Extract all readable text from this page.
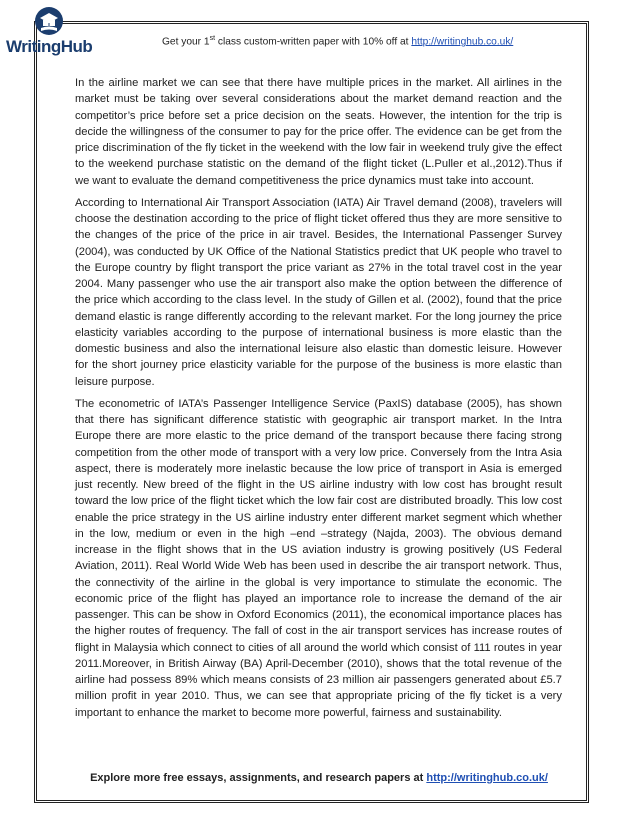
WritingHub	Get your 1st class custom-written paper with 10% off at http://writinghub.co.uk/

In the airline market we can see that there have multiple prices in the market. All airlines in the market must be taking over several considerations about the market demand reaction and the competitor’s price before set a price decision on the seats. However, the intention for the trip is decide the willingness of the consumer to pay for the price offer. The evidence can be get from the price discrimination of the fly ticket in the weekend with the low fair in weekend truly give the effect to the weekend purchase statistic on the demand of the flight ticket (L.Puller et al.,2012).Thus if we want to evaluate the demand competitiveness the price dynamics must take into account.

According to International Air Transport Association (IATA) Air Travel demand (2008), travelers will choose the destination according to the price of flight ticket offered thus they are more sensitive to the changes of the price of the price in air travel. Besides, the International Passenger Survey (2004), was conducted by UK Office of the National Statistics predict that UK people who travel to the Europe country by flight transport the price variant as 27% in the total travel cost in the year 2004. Many passenger who use the air transport also make the option between the difference of the price which according to the class level. In the study of Gillen et al. (2002), found that the price demand elastic is range differently according to the relevant market. For the long journey the price elasticity variables according to the purpose of international business is more elastic than the domestic business and also the international leisure also elastic than domestic leisure. However for the short journey price elasticity variable for the purpose of the business is more elastic than leisure purpose.

The econometric of IATA’s Passenger Intelligence Service (PaxIS) database (2005), has shown that there has significant difference statistic with geographic air transport market. In the Intra Europe there are more elastic to the price demand of the transport because there facing strong competition from the other mode of transport with a very low price. Conversely from the Intra Asia aspect, there is moderately more inelastic because the low price of transport in Asia is emerged just recently. New breed of the flight in the US airline industry with low cost has brought result toward the low price of the flight ticket which the low fair cost are distributed broadly. This low cost enable the price strategy in the US airline industry enter different market segment which whether in the low, medium or even in the high –end –strategy (Najda, 2003). The obvious demand increase in the flight shows that in the US aviation industry is growing positively (US Federal Aviation, 2011). Real World Wide Web has been used in describe the air transport network. Thus, the connectivity of the airline in the global is very importance to stimulate the economic. The economic price of the flight has played an importance role to increase the demand of the air passenger. This can be show in Oxford Economics (2011), the economical importance places has the higher routes of frequency. The fall of cost in the air transport services has increase routes of flight in Malaysia which connect to cities of all around the world which consist of 111 routes in year 2011.Moreover, in British Airway (BA) April-December (2010), shows that the total revenue of the airline had possess 89% which means consists of 23 million air passengers generated about £5.7 million profit in year 2010. Thus, we can see that appropriate pricing of the fly ticket is a very important to enhance the market to become more powerful, fairness and sustainability.

Explore more free essays, assignments, and research papers at http://writinghub.co.uk/
